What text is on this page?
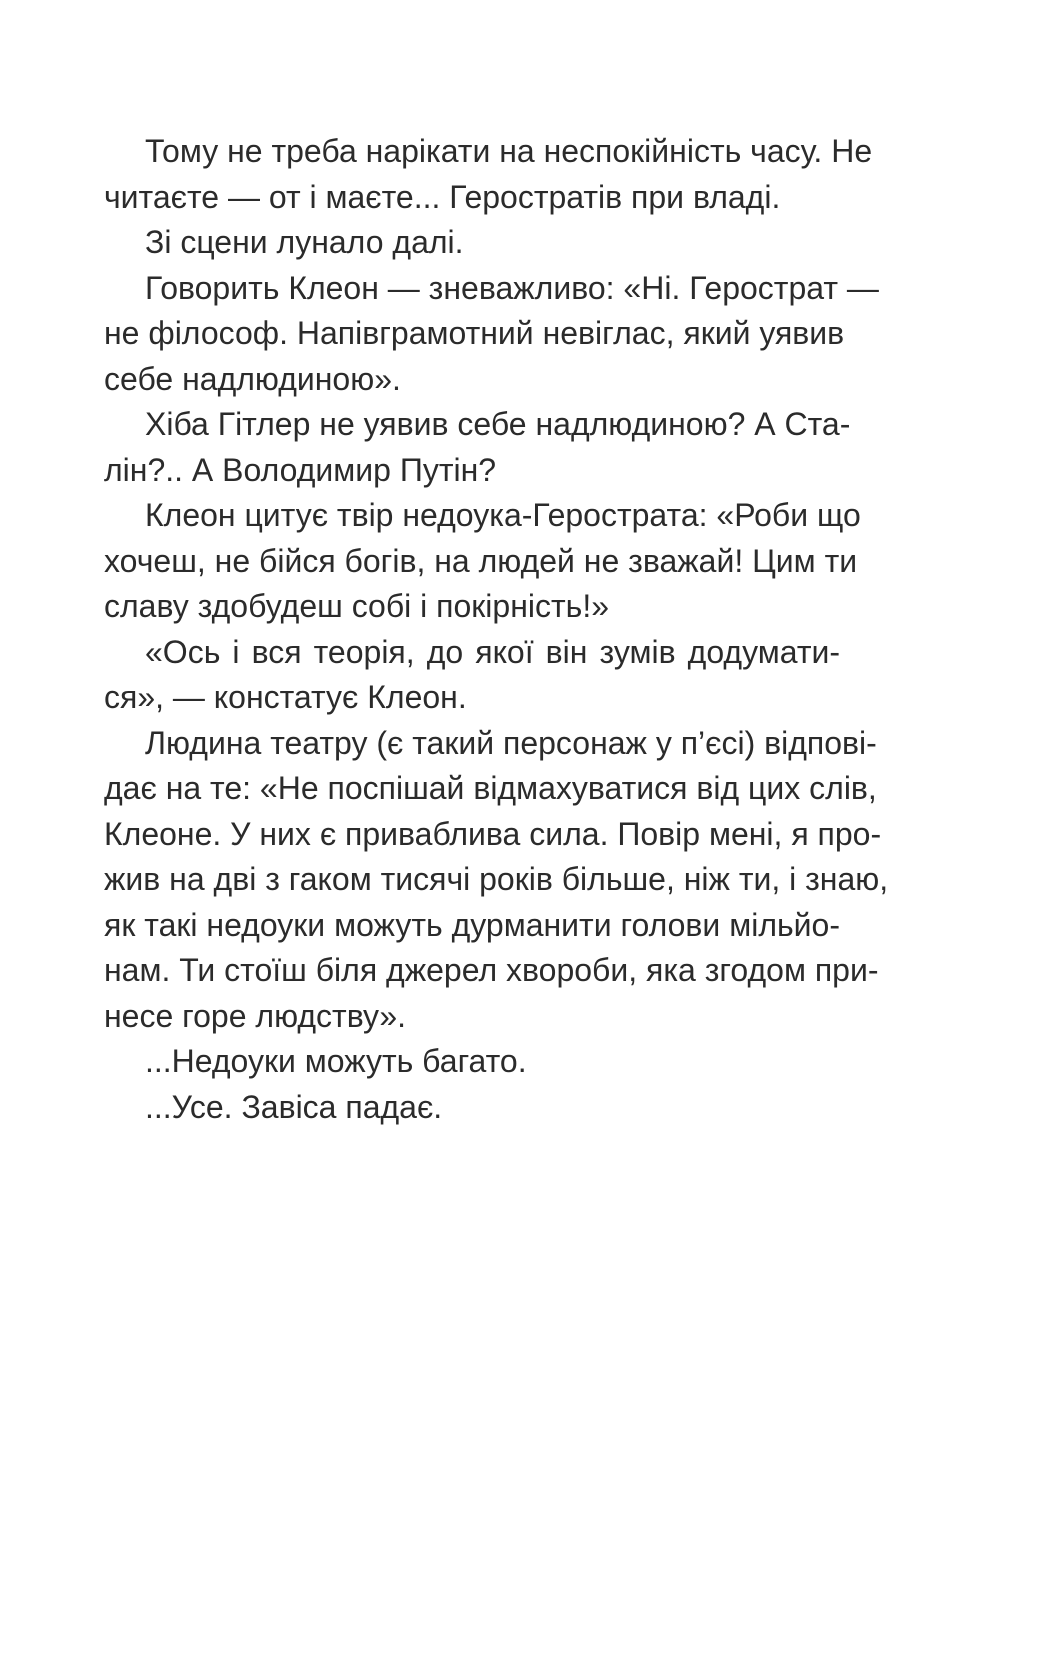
Тому не треба нарікати на неспокійність часу. Не
читаєте — от і маєте... Геростратів при владі.
Зі сцени лунало далі.
Говорить Клеон — зневажливо: «Ні. Герострат —
не філософ. Напівграмотний невіглас, який уявив
себе надлюдиною».
Хіба Гітлер не уявив себе надлюдиною? А Ста-
лін?.. А Володимир Путін?
Клеон цитує твір недоука-Герострата: «Роби що
хочеш, не бійся богів, на людей не зважай! Цим ти
славу здобудеш собі і покірність!»
«Ось і вся теорія, до якої він зумів додумати-
ся», — констатує Клеон.
Людина театру (є такий персонаж у п’єсі) відпові-
дає на те: «Не поспішай відмахуватися від цих слів,
Клеоне. У них є приваблива сила. Повір мені, я про-
жив на дві з гаком тисячі років більше, ніж ти, і знаю,
як такі недоуки можуть дурманити голови мільйо-
нам. Ти стоїш біля джерел хвороби, яка згодом при-
несе горе людству».
...Недоуки можуть багато.
...Усе. Завіса падає.
